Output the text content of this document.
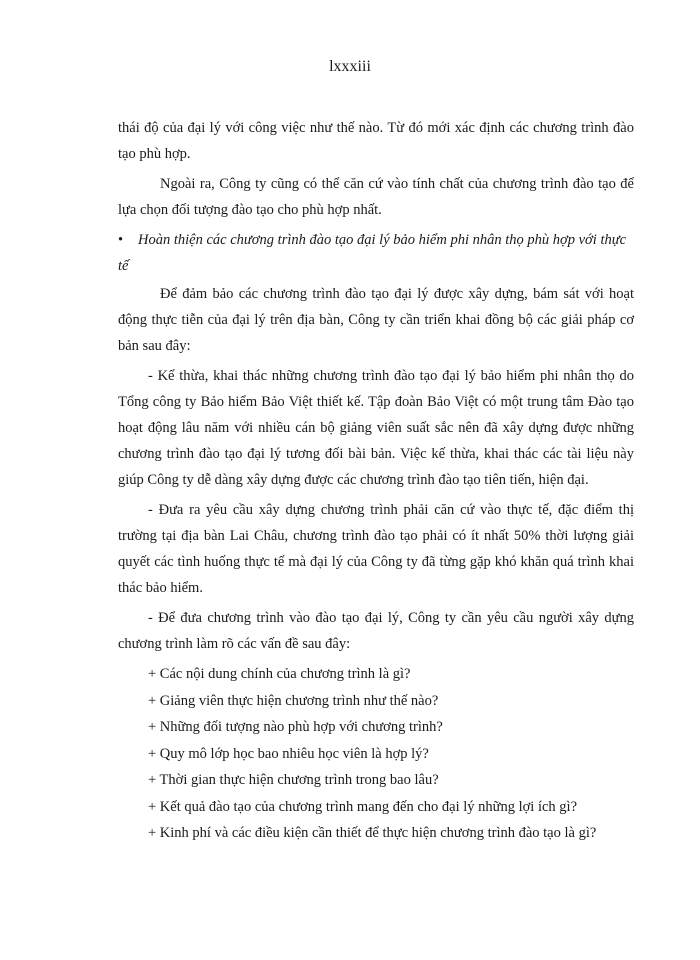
lxxxiii

thái độ của đại lý với công việc như thế nào. Từ đó mới xác định các chương trình đào tạo phù hợp.

Ngoài ra, Công ty cũng có thể căn cứ vào tính chất của chương trình đào tạo để lựa chọn đối tượng đào tạo cho phù hợp nhất.

• Hoàn thiện các chương trình đào tạo đại lý bảo hiểm phi nhân thọ phù hợp với thực tế

Để đảm bảo các chương trình đào tạo đại lý được xây dựng, bám sát với hoạt động thực tiễn của đại lý trên địa bàn, Công ty cần triển khai đồng bộ các giải pháp cơ bản sau đây:

- Kế thừa, khai thác những chương trình đào tạo đại lý bảo hiểm phi nhân thọ do Tổng công ty Bảo hiểm Bảo Việt thiết kế. Tập đoàn Bảo Việt có một trung tâm Đào tạo hoạt động lâu năm với nhiều cán bộ giảng viên suất sắc nên đã xây dựng được những chương trình đào tạo đại lý tương đối bài bản. Việc kế thừa, khai thác các tài liệu này giúp Công ty dễ dàng xây dựng được các chương trình đào tạo tiên tiến, hiện đại.

- Đưa ra yêu cầu xây dựng chương trình phải căn cứ vào thực tế, đặc điểm thị trường tại địa bàn Lai Châu, chương trình đào tạo phải có ít nhất 50% thời lượng giải quyết các tình huống thực tế mà đại lý của Công ty đã từng gặp khó khăn quá trình khai thác bảo hiểm.

- Để đưa chương trình vào đào tạo đại lý, Công ty cần yêu cầu người xây dựng chương trình làm rõ các vấn đề sau đây:

+ Các nội dung chính của chương trình là gì?

+ Giảng viên thực hiện chương trình như thế nào?

+ Những đối tượng nào phù hợp với chương trình?

+ Quy mô lớp học bao nhiêu học viên là hợp lý?

+ Thời gian thực hiện chương trình trong bao lâu?

+ Kết quả đào tạo của chương trình mang đến cho đại lý những lợi ích gì?

+ Kinh phí và các điều kiện cần thiết để thực hiện chương trình đào tạo là gì?
